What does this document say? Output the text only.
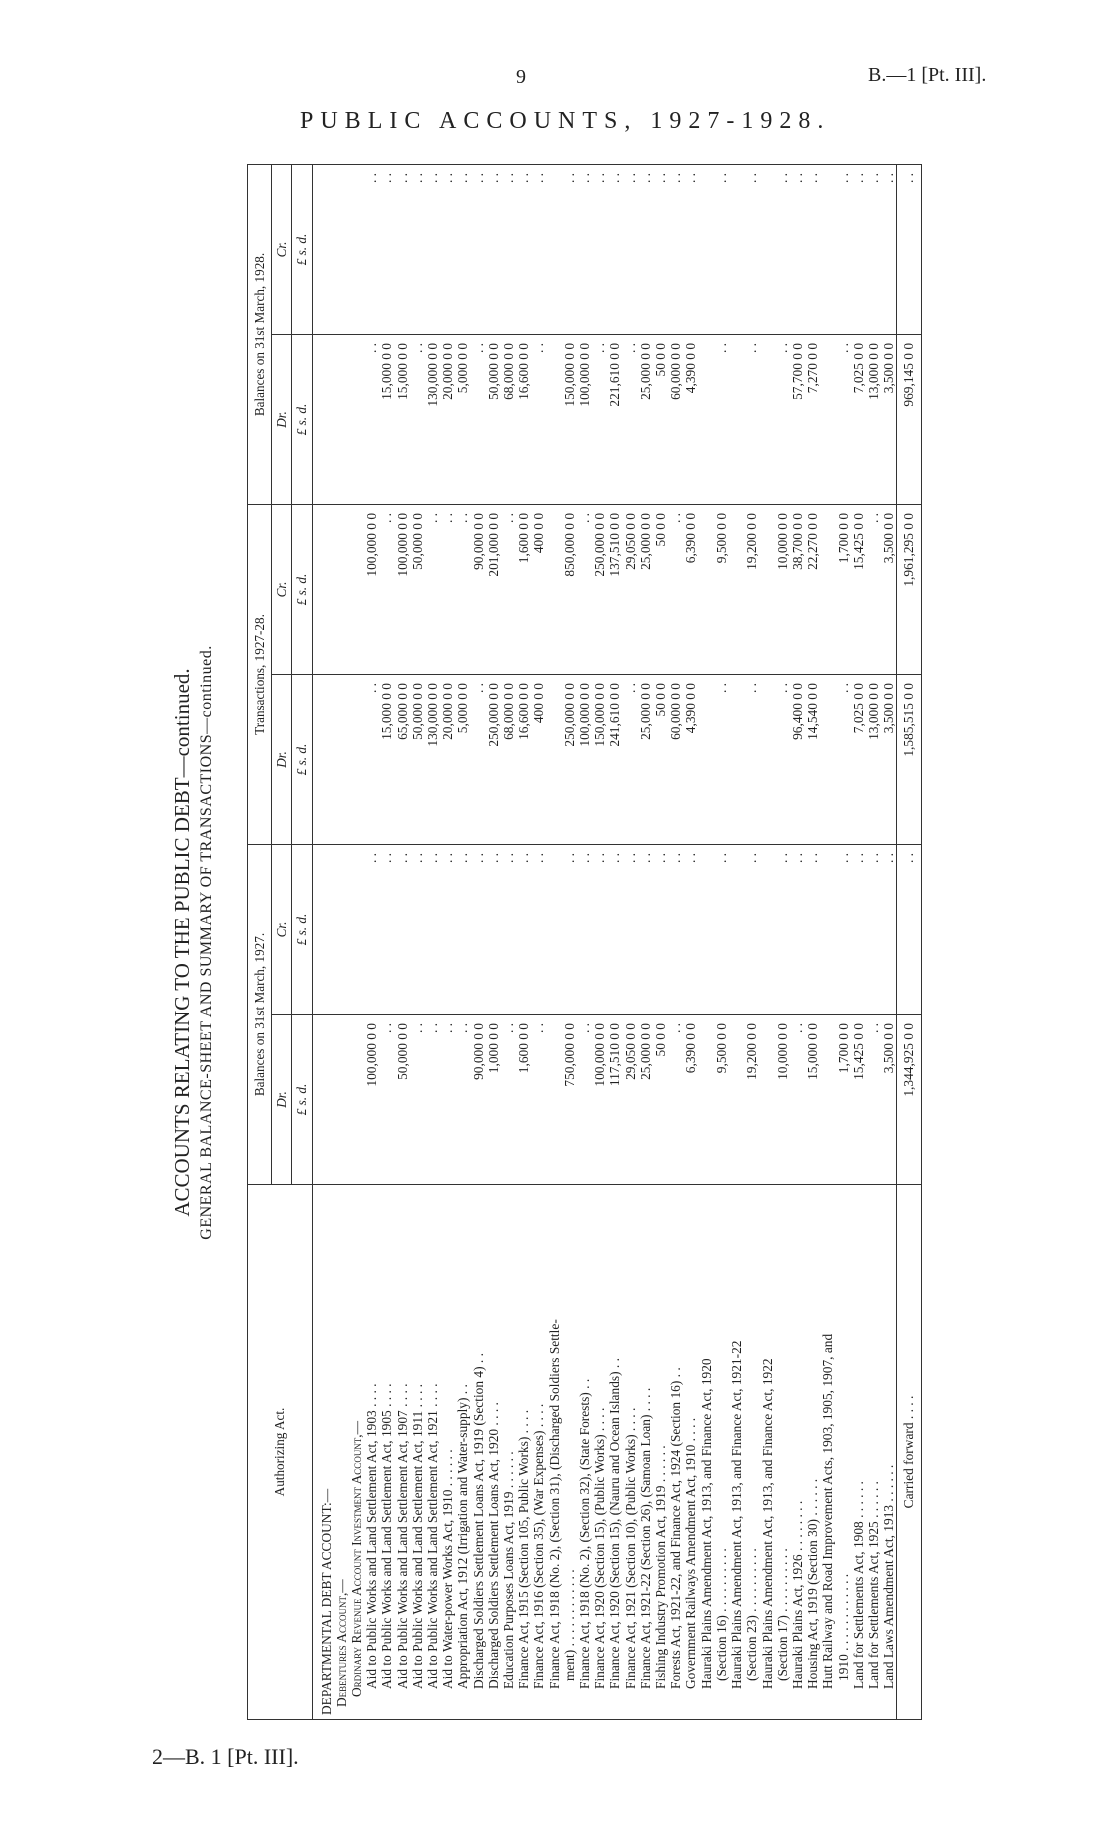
9	B.—1 [Pt. III].
PUBLIC ACCOUNTS, 1927-1928.
ACCOUNTS RELATING TO THE PUBLIC DEBT—continued. GENERAL BALANCE-SHEET AND SUMMARY OF TRANSACTIONS—continued.
Authorizing Act.	Balances on 31st March, 1927.		Transactions, 1927-28.		Balances on 31st March, 1928.	
	Dr.	Cr.	Dr.	Cr.	Dr.	Cr.
	£ s. d.	£ s. d.	£ s. d.	£ s. d.	£ s. d.	£ s. d.
DEPARTMENTAL DEBT ACCOUNT:—						
Debentures Account,—						
Ordinary Revenue Account Investment Account,—						
Aid to Public Works and Land Settlement Act, 1903 . . . .	100,000 0 0	. .	. .	100,000 0 0	. .	. .
Aid to Public Works and Land Settlement Act, 1905 . . . .	. .	. .	15,000 0 0	. .	15,000 0 0	. .
Aid to Public Works and Land Settlement Act, 1907 . . . .	50,000 0 0	. .	65,000 0 0	100,000 0 0	15,000 0 0	. .
Aid to Public Works and Land Settlement Act, 1911 . . . .	. .	. .	50,000 0 0	50,000 0 0	. .	. .
Aid to Public Works and Land Settlement Act, 1921 . . . .	. .	. .	130,000 0 0	. .	130,000 0 0	. .
Aid to Water-power Works Act, 1910 . . . . . .	. .	. .	20,000 0 0	. .	20,000 0 0	. .
Appropriation Act, 1912 (Irrigation and Water-supply) . .	. .	. .	5,000 0 0	. .	5,000 0 0	. .
Discharged Soldiers Settlement Loans Act, 1919 (Section 4) . .	90,000 0 0	. .	. .	90,000 0 0	. .	. .
Discharged Soldiers Settlement Loans Act, 1920 . . . .	1,000 0 0	. .	250,000 0 0	201,000 0 0	50,000 0 0	. .
Education Purposes Loans Act, 1919 . . . . . .	. .	. .	68,000 0 0	. .	68,000 0 0	. .
Finance Act, 1915 (Section 105, Public Works) . . . .	1,600 0 0	. .	16,600 0 0	1,600 0 0	16,600 0 0	. .
Finance Act, 1916 (Section 35), (War Expenses) . . . .	. .	. .	400 0 0	400 0 0	. .	. .
Finance Act, 1918 (No. 2), (Section 31), (Discharged Soldiers Settle-						
ment) . . . . . . . . . . . .	750,000 0 0	. .	250,000 0 0	850,000 0 0	150,000 0 0	. .
Finance Act, 1918 (No. 2), (Section 32), (State Forests) . .	. .	. .	100,000 0 0	. .	100,000 0 0	. .
Finance Act, 1920 (Section 15), (Public Works) . . . .	100,000 0 0	. .	150,000 0 0	250,000 0 0	. .	. .
Finance Act, 1920 (Section 15), (Nauru and Ocean Islands) . .	117,510 0 0	. .	241,610 0 0	137,510 0 0	221,610 0 0	. .
Finance Act, 1921 (Section 10), (Public Works) . . . .	29,050 0 0	. .	. .	29,050 0 0	. .	. .
Finance Act, 1921-22 (Section 26), (Samoan Loan) . . . .	25,000 0 0	. .	25,000 0 0	25,000 0 0	25,000 0 0	. .
Fishing Industry Promotion Act, 1919 . . . . . .	50 0 0	. .	50 0 0	50 0 0	50 0 0	. .
Forests Act, 1921-22, and Finance Act, 1924 (Section 16) . .	. .	. .	60,000 0 0	. .	60,000 0 0	. .
Government Railways Amendment Act, 1910 . . . .	6,390 0 0	. .	4,390 0 0	6,390 0 0	4,390 0 0	. .
Hauraki Plains Amendment Act, 1913, and Finance Act, 1920						
(Section 16) . . . . . . . . . .	9,500 0 0	. .	. .	9,500 0 0	. .	. .
Hauraki Plains Amendment Act, 1913, and Finance Act, 1921-22						
(Section 23) . . . . . . . . . .	19,200 0 0	. .	. .	19,200 0 0	. .	. .
Hauraki Plains Amendment Act, 1913, and Finance Act, 1922						
(Section 17) . . . . . . . . . .	10,000 0 0	. .	. .	10,000 0 0	. .	. .
Hauraki Plains Act, 1926 . . . . . . . .	. .	. .	96,400 0 0	38,700 0 0	57,700 0 0	. .
Housing Act, 1919 (Section 30) . . . . . .	15,000 0 0	. .	14,540 0 0	22,270 0 0	7,270 0 0	. .
Hutt Railway and Road Improvement Acts, 1903, 1905, 1907, and						
1910 . . . . . . . . . . . .	1,700 0 0	. .	. .	1,700 0 0	. .	. .
Land for Settlements Act, 1908 . . . . . .	15,425 0 0	. .	7,025 0 0	15,425 0 0	7,025 0 0	. .
Land for Settlements Act, 1925 . . . . . .	. .	. .	13,000 0 0	. .	13,000 0 0	. .
Land Laws Amendment Act, 1913 . . . . . .	3,500 0 0	. .	3,500 0 0	3,500 0 0	3,500 0 0	. .
Carried forward . . . .	1,344,925 0 0	. .	1,585,515 0 0	1,961,295 0 0	969,145 0 0	. .
2—B. 1 [Pt. III].
